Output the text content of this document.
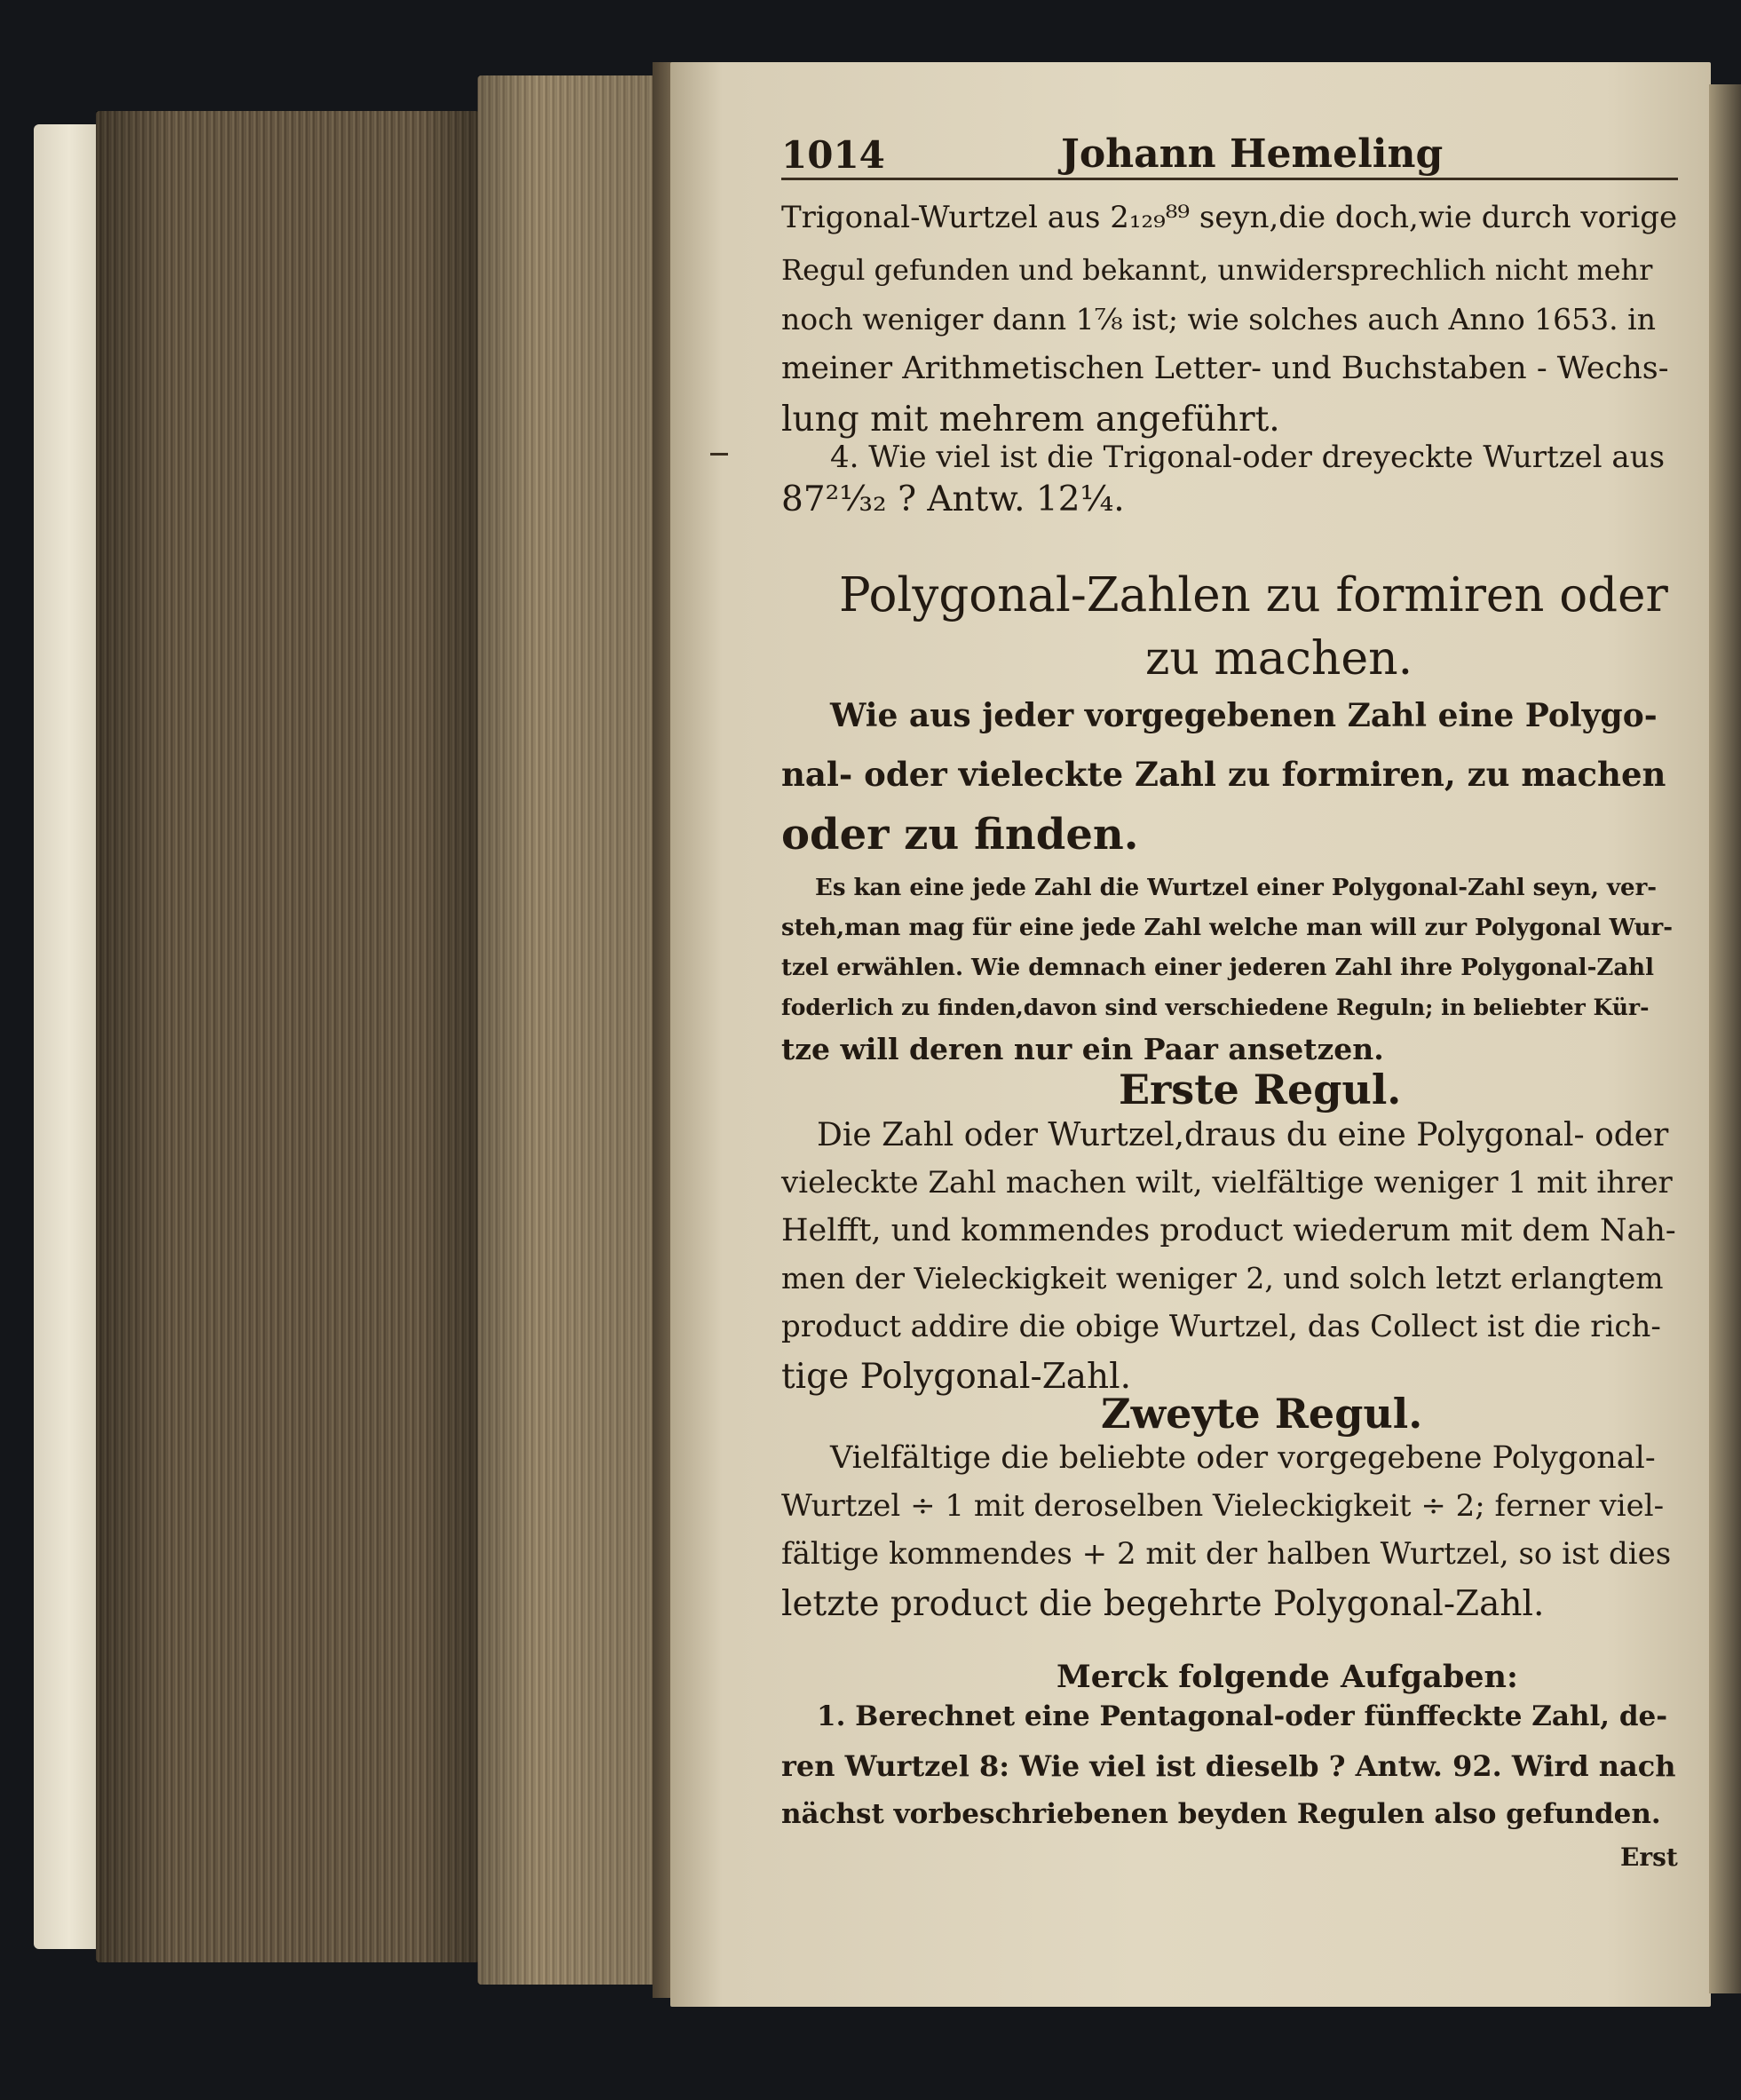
1014	Johann Hemeling
Trigonal-Wurtzel aus 2₁₂₉⁸⁹ seyn,die doch,wie durch vorige
Regul gefunden und bekannt, unwidersprechlich nicht mehr
noch weniger dann 1⅞ ist; wie solches auch Anno 1653. in
meiner Arithmetischen Letter- und Buchstaben - Wechs-
lung mit mehrem angeführt.
4. Wie viel ist die Trigonal-oder dreyeckte Wurtzel aus
87²¹⁄₃₂ ? Antw. 12¼.
Polygonal-Zahlen zu formiren oder
zu machen.
Wie aus jeder vorgegebenen Zahl eine Polygo-
nal- oder vieleckte Zahl zu formiren, zu machen
oder zu finden.
Es kan eine jede Zahl die Wurtzel einer Polygonal-Zahl seyn, ver-
steh,man mag für eine jede Zahl welche man will zur Polygonal Wur-
tzel erwählen. Wie demnach einer jederen Zahl ihre Polygonal-Zahl
foderlich zu finden,davon sind verschiedene Reguln; in beliebter Kür-
tze will deren nur ein Paar ansetzen.
Erste Regul.
Die Zahl oder Wurtzel,draus du eine Polygonal- oder
vieleckte Zahl machen wilt, vielfältige weniger 1 mit ihrer
Helfft, und kommendes product wiederum mit dem Nah-
men der Vieleckigkeit weniger 2, und solch letzt erlangtem
product addire die obige Wurtzel, das Collect ist die rich-
tige Polygonal-Zahl.
Zweyte Regul.
Vielfältige die beliebte oder vorgegebene Polygonal-
Wurtzel ÷ 1 mit deroselben Vieleckigkeit ÷ 2; ferner viel-
fältige kommendes + 2 mit der halben Wurtzel, so ist dies
letzte product die begehrte Polygonal-Zahl.
Merck folgende Aufgaben:
1. Berechnet eine Pentagonal-oder fünffeckte Zahl, de-
ren Wurtzel 8: Wie viel ist dieselb ? Antw. 92. Wird nach
nächst vorbeschriebenen beyden Regulen also gefunden.
Erst
